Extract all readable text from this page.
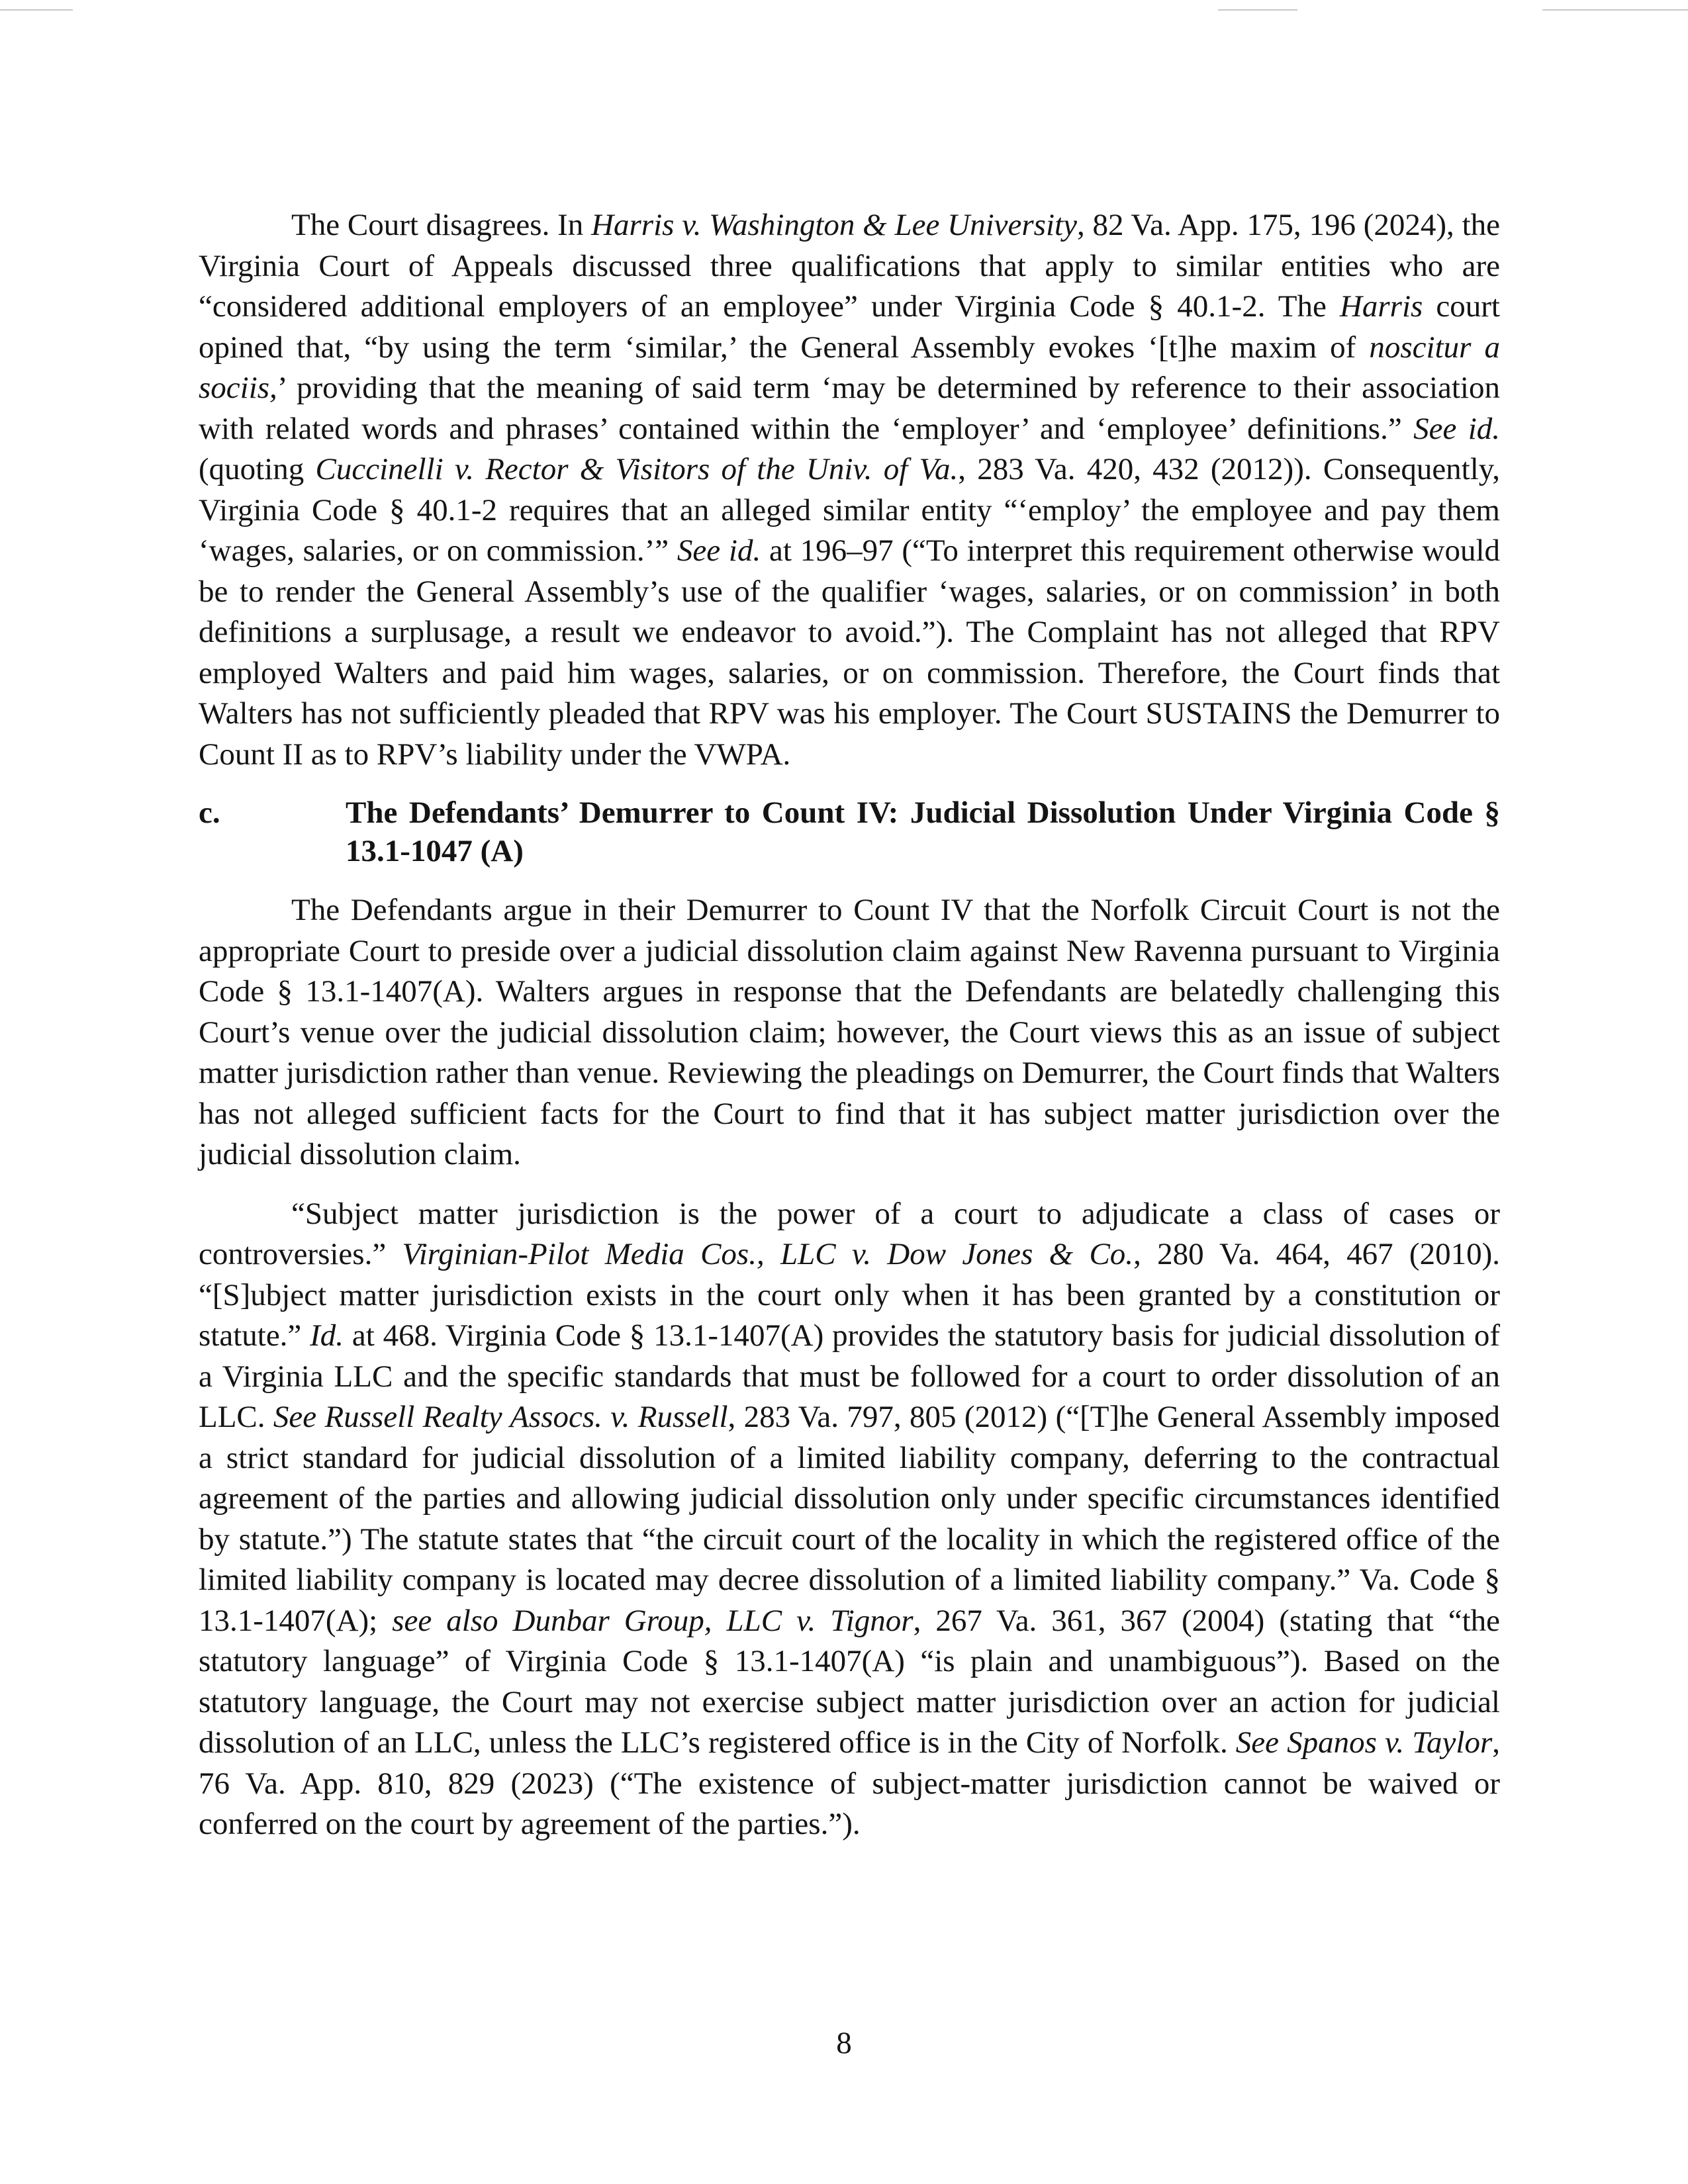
The Court disagrees. In Harris v. Washington & Lee University, 82 Va. App. 175, 196 (2024), the Virginia Court of Appeals discussed three qualifications that apply to similar entities who are “considered additional employers of an employee” under Virginia Code § 40.1-2. The Harris court opined that, “by using the term ‘similar,’ the General Assembly evokes ‘[t]he maxim of noscitur a sociis,’ providing that the meaning of said term ‘may be determined by reference to their association with related words and phrases’ contained within the ‘employer’ and ‘employee’ definitions.” See id. (quoting Cuccinelli v. Rector & Visitors of the Univ. of Va., 283 Va. 420, 432 (2012)). Consequently, Virginia Code § 40.1-2 requires that an alleged similar entity “‘employ’ the employee and pay them ‘wages, salaries, or on commission.’” See id. at 196–97 (“To interpret this requirement otherwise would be to render the General Assembly’s use of the qualifier ‘wages, salaries, or on commission’ in both definitions a surplusage, a result we endeavor to avoid.”). The Complaint has not alleged that RPV employed Walters and paid him wages, salaries, or on commission. Therefore, the Court finds that Walters has not sufficiently pleaded that RPV was his employer. The Court SUSTAINS the Demurrer to Count II as to RPV’s liability under the VWPA.

c.	The Defendants’ Demurrer to Count IV: Judicial Dissolution Under Virginia Code § 13.1-1047 (A)

The Defendants argue in their Demurrer to Count IV that the Norfolk Circuit Court is not the appropriate Court to preside over a judicial dissolution claim against New Ravenna pursuant to Virginia Code § 13.1-1407(A). Walters argues in response that the Defendants are belatedly challenging this Court’s venue over the judicial dissolution claim; however, the Court views this as an issue of subject matter jurisdiction rather than venue. Reviewing the pleadings on Demurrer, the Court finds that Walters has not alleged sufficient facts for the Court to find that it has subject matter jurisdiction over the judicial dissolution claim.

“Subject matter jurisdiction is the power of a court to adjudicate a class of cases or controversies.” Virginian-Pilot Media Cos., LLC v. Dow Jones & Co., 280 Va. 464, 467 (2010). “[S]ubject matter jurisdiction exists in the court only when it has been granted by a constitution or statute.” Id. at 468. Virginia Code § 13.1-1407(A) provides the statutory basis for judicial dissolution of a Virginia LLC and the specific standards that must be followed for a court to order dissolution of an LLC. See Russell Realty Assocs. v. Russell, 283 Va. 797, 805 (2012) (“[T]he General Assembly imposed a strict standard for judicial dissolution of a limited liability company, deferring to the contractual agreement of the parties and allowing judicial dissolution only under specific circumstances identified by statute.”) The statute states that “the circuit court of the locality in which the registered office of the limited liability company is located may decree dissolution of a limited liability company.” Va. Code § 13.1-1407(A); see also Dunbar Group, LLC v. Tignor, 267 Va. 361, 367 (2004) (stating that “the statutory language” of Virginia Code § 13.1-1407(A) “is plain and unambiguous”). Based on the statutory language, the Court may not exercise subject matter jurisdiction over an action for judicial dissolution of an LLC, unless the LLC’s registered office is in the City of Norfolk. See Spanos v. Taylor, 76 Va. App. 810, 829 (2023) (“The existence of subject-matter jurisdiction cannot be waived or conferred on the court by agreement of the parties.”).

8
